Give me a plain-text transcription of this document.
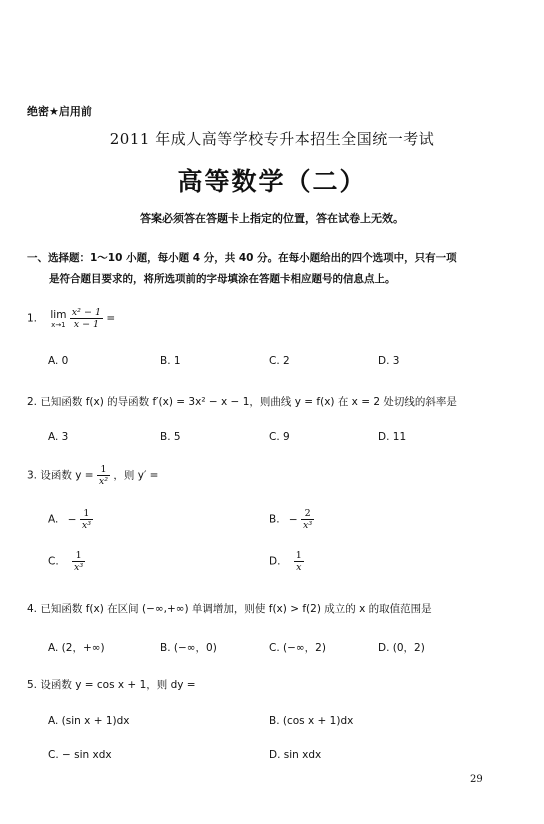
绝密★启用前
2011 年成人高等学校专升本招生全国统一考试
高等数学（二）
答案必须答在答题卡上指定的位置，答在试卷上无效。
一、选择题：1～10 小题，每小题 4 分，共 40 分。在每小题给出的四个选项中，只有一项
是符合题目要求的，将所选项前的字母填涂在答题卡相应题号的信息点上。
1. lim
x→1
$\frac{\text{x² − 1}}{x - 1}$ =
A. 0	B. 1	C. 2	D. 3
2. 已知函数 f(x) 的导函数 f′(x) = 3x² − x − 1，则曲线 y = f(x) 在 x = 2 处切线的斜率是
A. 3	B. 5	C. 9	D. 11
3. 设函数 $y = \frac{1}{\text{x²}}$ ，则 y′ =
A. − $\frac{1}{\text{x³}}$	B. − $\frac{2}{\text{x³}}$
C. $\frac{1}{\text{x³}}$	D. $\frac{1}{x}$
4. 已知函数 f(x) 在区间 (−∞,+∞) 单调增加，则使 f(x) > f(2) 成立的 x 的取值范围是
A. (2，+∞)	B. (−∞，0)	C. (−∞，2)	D. (0，2)
5. 设函数 y = cos x + 1，则 dy =
A. (sin x + 1)dx	B. (cos x + 1)dx
C. − sin xdx	D. sin xdx
29
